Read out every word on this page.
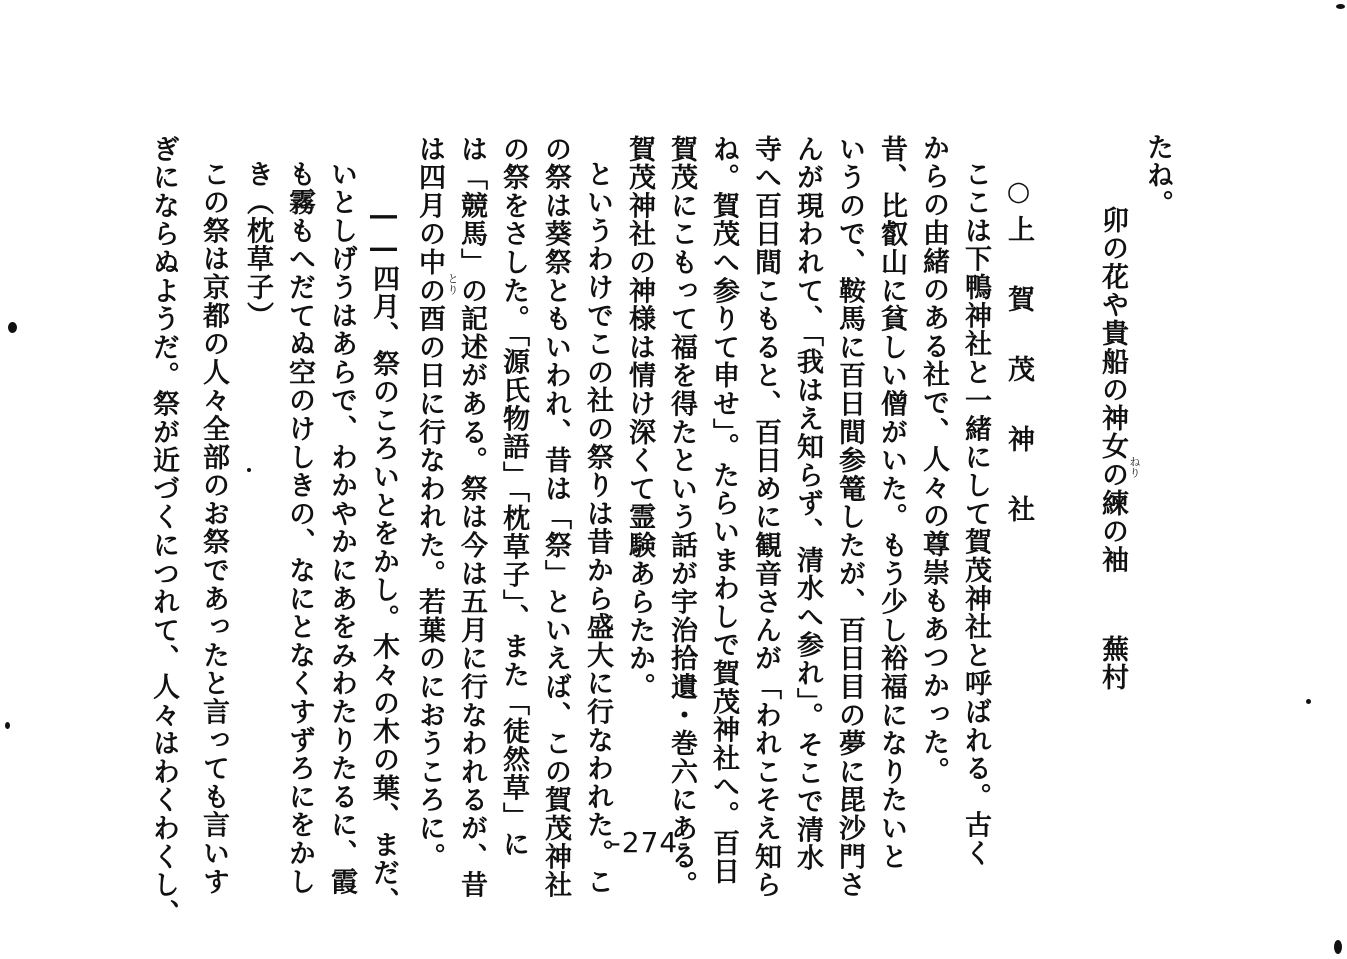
たね。
卯の花や貴船の神女の練の袖 ねり
蕪村
○上　賀　茂　神　社
ここは下鴨神社と一緒にして賀茂神社と呼ばれる。古く
からの由緒のある社で、人々の尊崇もあつかった。
昔、比叡山に貧しい僧がいた。もう少し裕福になりたいと
いうので、鞍馬に百日間参篭したが、百日目の夢に毘沙門さ
んが現われて、「我はえ知らず、清水へ参れ」。そこで清水
寺へ百日間こもると、百日めに観音さんが「われこそえ知ら
ね。賀茂へ参りて申せ」。たらいまわしで賀茂神社へ。百日
賀茂にこもって福を得たという話が宇治拾遺・巻六にある。
賀茂神社の神様は情け深くて霊験あらたか。
というわけでこの社の祭りは昔から盛大に行なわれた。こ
の祭は葵祭ともいわれ、昔は「祭」といえば、この賀茂神社
の祭をさした。「源氏物語」「枕草子」、また「徒然草」に
は「競馬」の記述がある。祭は今は五月に行なわれるが、昔
は四月の中の酉の日に行なわれた。若葉のにおうころに。 とり
――四月、祭のころいとをかし。木々の木の葉、まだ、
いとしげうはあらで、わかやかにあをみわたりたるに、霞
も霧もへだてぬ空のけしきの、なにとなくすずろにをかし
き（枕草子）
この祭は京都の人々全部のお祭であったと言っても言いす
ぎにならぬようだ。祭が近づくにつれて、人々はわくわくし、	-274-
